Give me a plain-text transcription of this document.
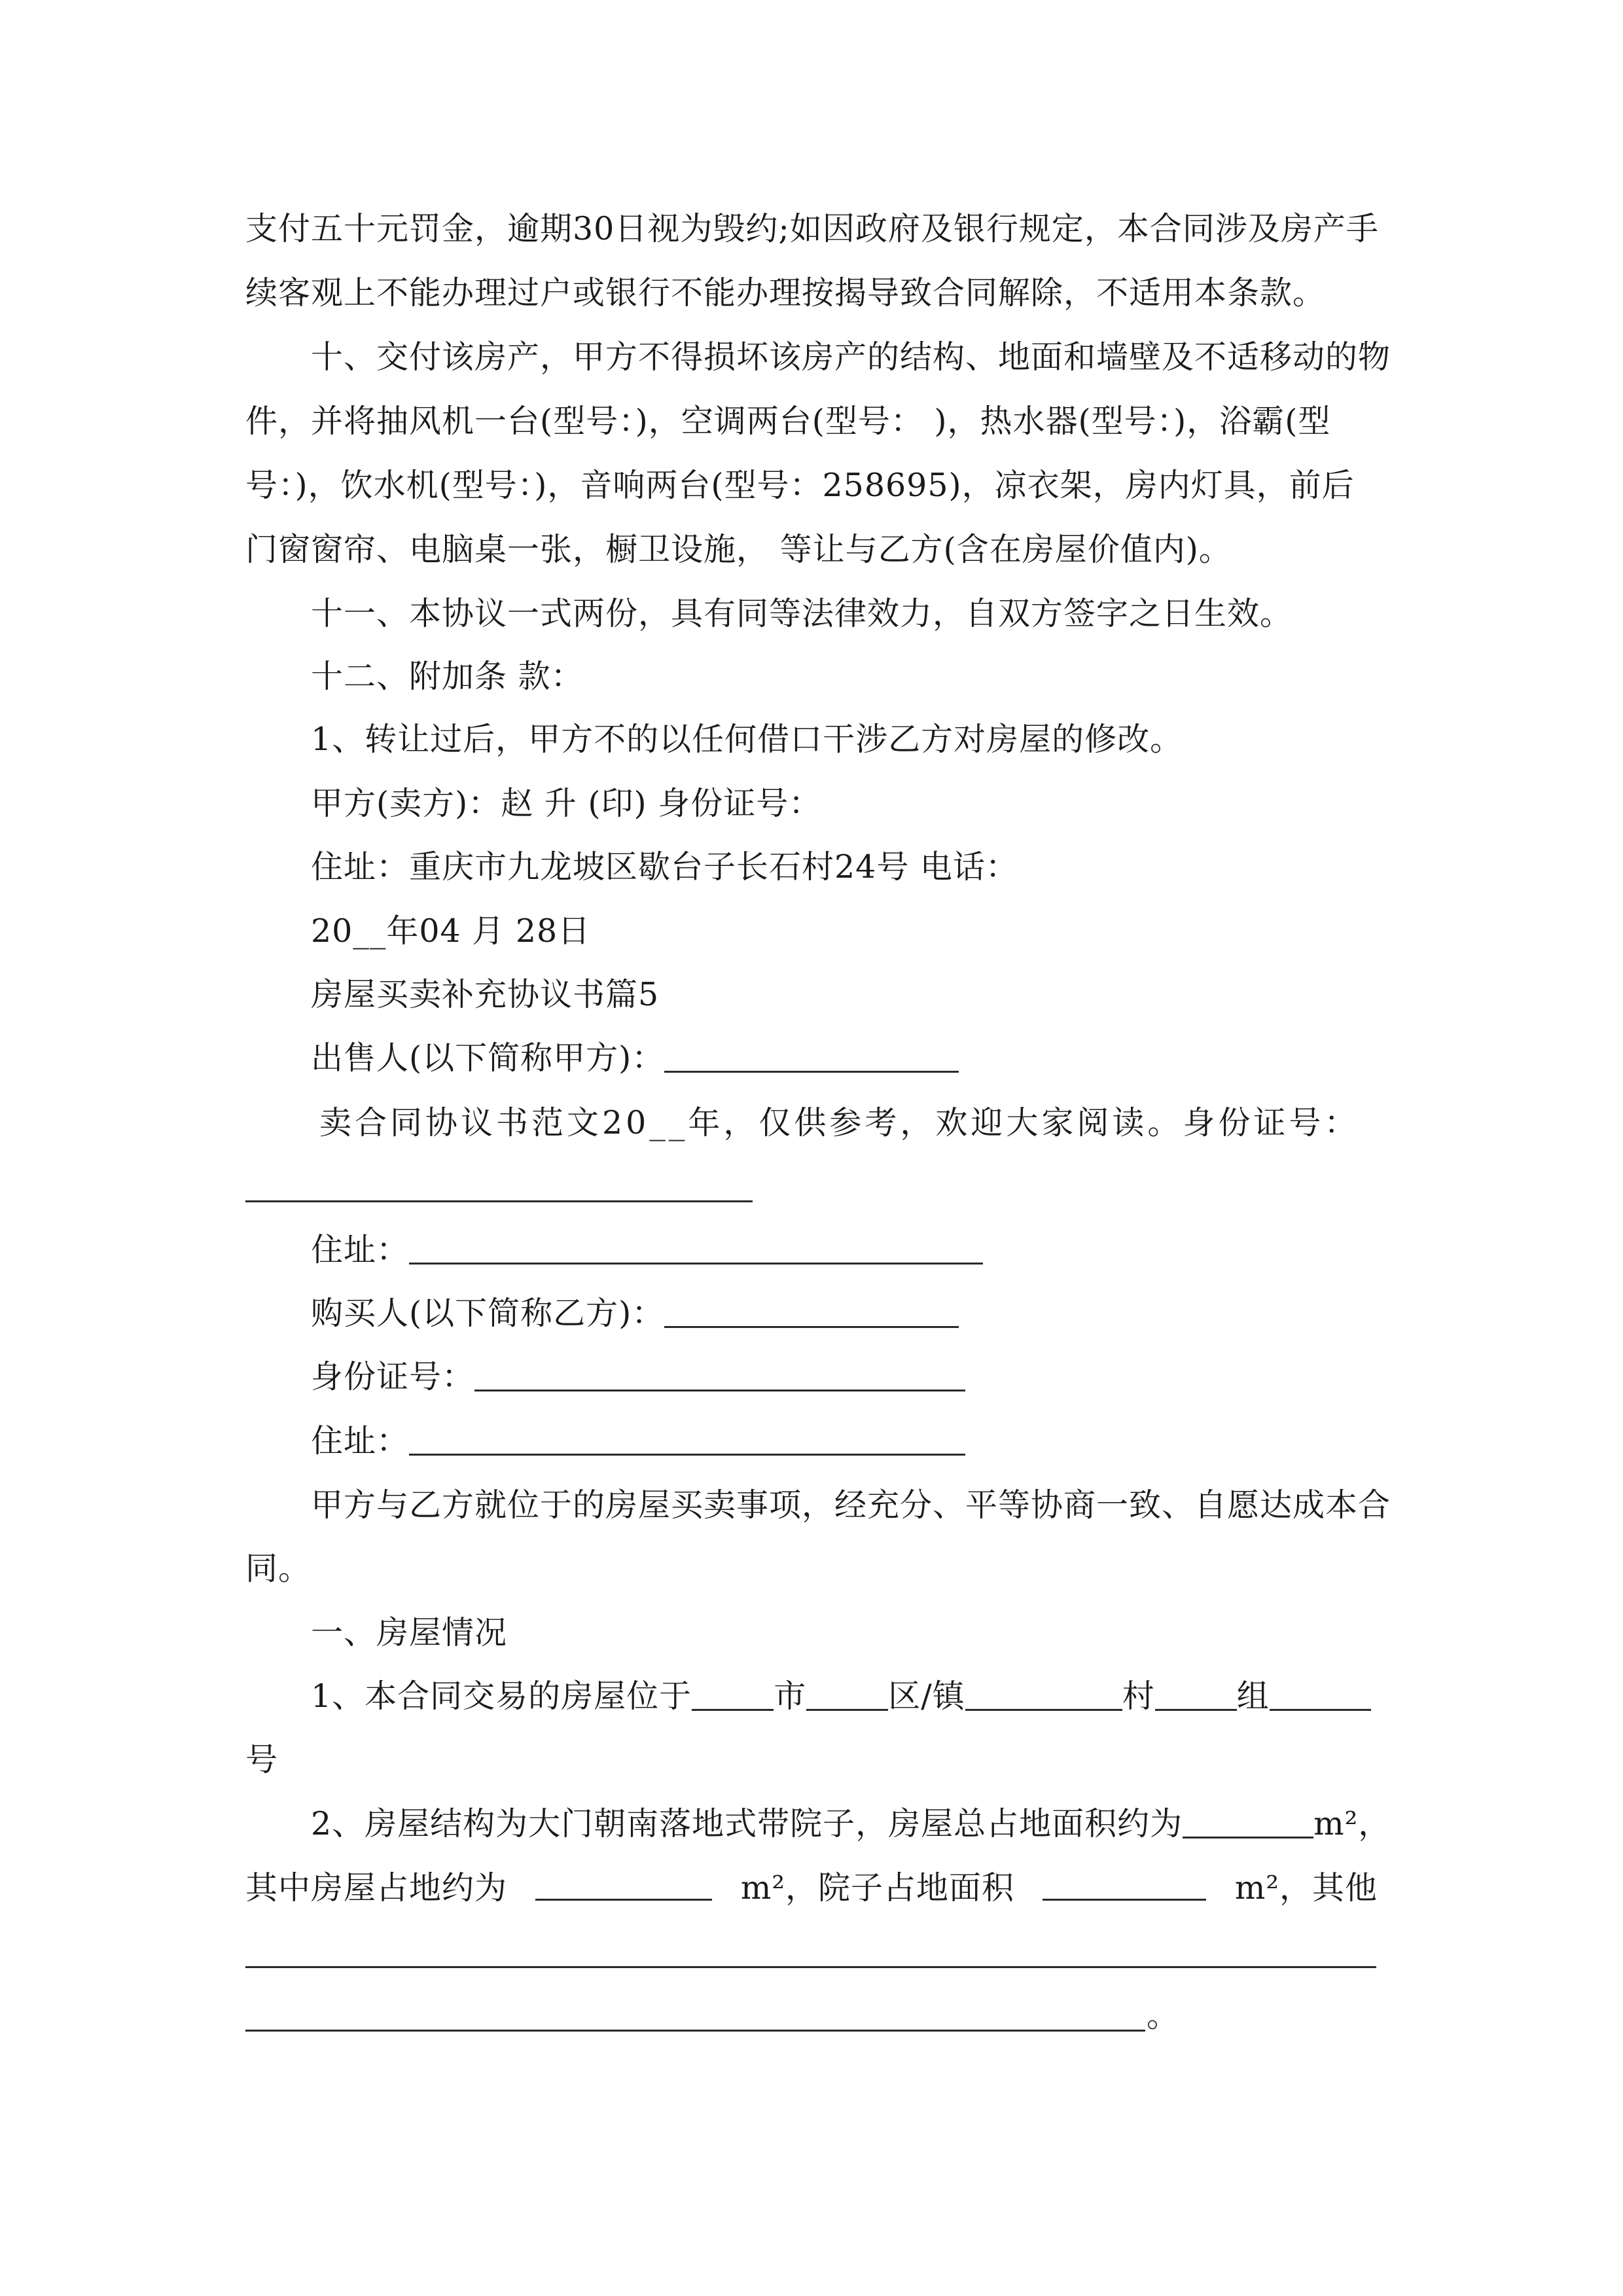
支付五十元罚金，逾期30日视为毁约;如因政府及银行规定，本合同涉及房产手
续客观上不能办理过户或银行不能办理按揭导致合同解除，不适用本条款。
十、交付该房产，甲方不得损坏该房产的结构、地面和墙壁及不适移动的物
件，并将抽风机一台(型号：)，空调两台(型号： )，热水器(型号：)，浴霸(型
号：)，饮水机(型号：)，音响两台(型号：258695)，凉衣架，房内灯具，前后
门窗窗帘、电脑桌一张，橱卫设施， 等让与乙方(含在房屋价值内)。
十一、本协议一式两份，具有同等法律效力，自双方签字之日生效。
十二、附加条 款：
1、转让过后，甲方不的以任何借口干涉乙方对房屋的修改。
甲方(卖方)：赵 升 (印) 身份证号：
住址：重庆市九龙坡区歇台子长石村24号 电话：
20__年04 月 28日
房屋买卖补充协议书篇5
出售人(以下简称甲方)：
卖合同协议书范文20__年，仅供参考，欢迎大家阅读。身份证号：
住址：
购买人(以下简称乙方)：
身份证号：
住址：
甲方与乙方就位于的房屋买卖事项，经充分、平等协商一致、自愿达成本合
同。
一、房屋情况
1、本合同交易的房屋位于	市	区/镇	村	组
号
2、房屋结构为大门朝南落地式带院子，房屋总占地面积约为	m²，
其中房屋占地约为	m²，院子占地面积	m²，其他
。
